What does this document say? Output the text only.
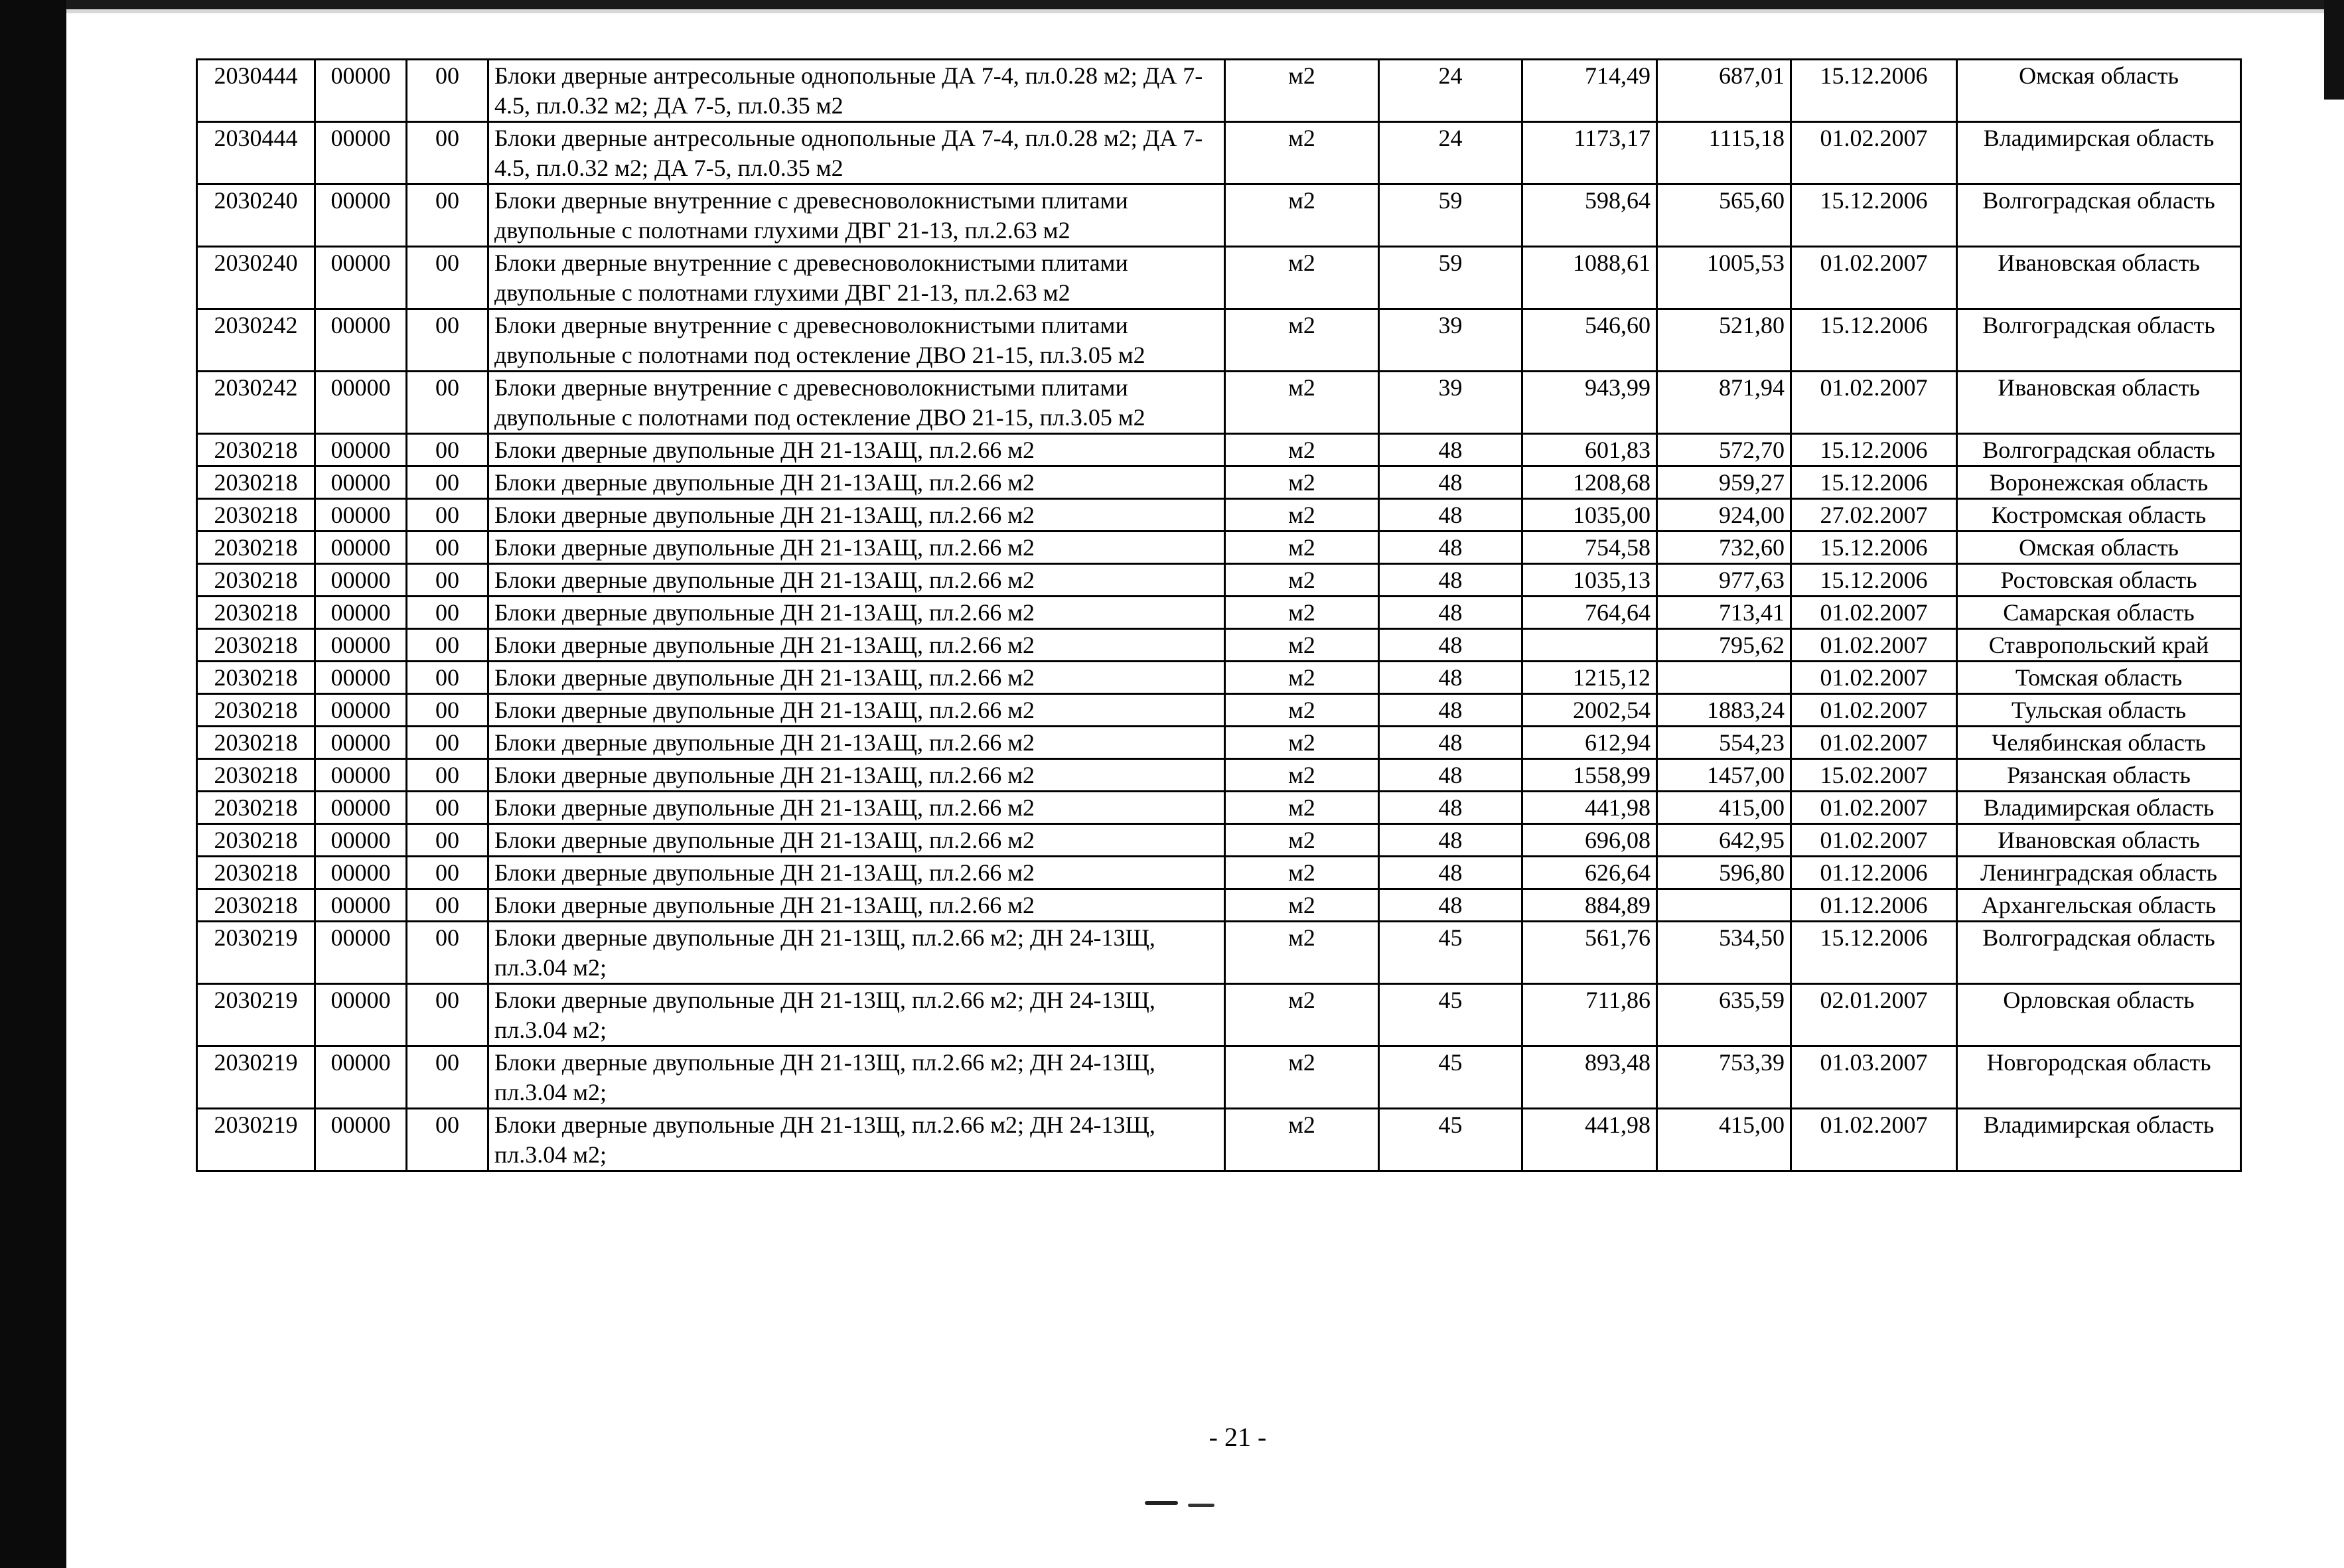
2030444	00000	00	Блоки дверные антресольные однопольные ДА 7-4, пл.0.28 м2; ДА 7-4.5, пл.0.32 м2; ДА 7-5, пл.0.35 м2	м2	24	714,49	687,01	15.12.2006	Омская область
2030444	00000	00	Блоки дверные антресольные однопольные ДА 7-4, пл.0.28 м2; ДА 7-4.5, пл.0.32 м2; ДА 7-5, пл.0.35 м2	м2	24	1173,17	1115,18	01.02.2007	Владимирская область
2030240	00000	00	Блоки дверные внутренние с древесноволокнистыми плитами двупольные с полотнами глухими ДВГ 21-13, пл.2.63 м2	м2	59	598,64	565,60	15.12.2006	Волгоградская область
2030240	00000	00	Блоки дверные внутренние с древесноволокнистыми плитами двупольные с полотнами глухими ДВГ 21-13, пл.2.63 м2	м2	59	1088,61	1005,53	01.02.2007	Ивановская область
2030242	00000	00	Блоки дверные внутренние с древесноволокнистыми плитами двупольные с полотнами под остекление ДВО 21-15, пл.3.05 м2	м2	39	546,60	521,80	15.12.2006	Волгоградская область
2030242	00000	00	Блоки дверные внутренние с древесноволокнистыми плитами двупольные с полотнами под остекление ДВО 21-15, пл.3.05 м2	м2	39	943,99	871,94	01.02.2007	Ивановская область
2030218	00000	00	Блоки дверные двупольные ДН 21-13АЩ, пл.2.66 м2	м2	48	601,83	572,70	15.12.2006	Волгоградская область
2030218	00000	00	Блоки дверные двупольные ДН 21-13АЩ, пл.2.66 м2	м2	48	1208,68	959,27	15.12.2006	Воронежская область
2030218	00000	00	Блоки дверные двупольные ДН 21-13АЩ, пл.2.66 м2	м2	48	1035,00	924,00	27.02.2007	Костромская область
2030218	00000	00	Блоки дверные двупольные ДН 21-13АЩ, пл.2.66 м2	м2	48	754,58	732,60	15.12.2006	Омская область
2030218	00000	00	Блоки дверные двупольные ДН 21-13АЩ, пл.2.66 м2	м2	48	1035,13	977,63	15.12.2006	Ростовская область
2030218	00000	00	Блоки дверные двупольные ДН 21-13АЩ, пл.2.66 м2	м2	48	764,64	713,41	01.02.2007	Самарская область
2030218	00000	00	Блоки дверные двупольные ДН 21-13АЩ, пл.2.66 м2	м2	48		795,62	01.02.2007	Ставропольский край
2030218	00000	00	Блоки дверные двупольные ДН 21-13АЩ, пл.2.66 м2	м2	48	1215,12		01.02.2007	Томская область
2030218	00000	00	Блоки дверные двупольные ДН 21-13АЩ, пл.2.66 м2	м2	48	2002,54	1883,24	01.02.2007	Тульская область
2030218	00000	00	Блоки дверные двупольные ДН 21-13АЩ, пл.2.66 м2	м2	48	612,94	554,23	01.02.2007	Челябинская область
2030218	00000	00	Блоки дверные двупольные ДН 21-13АЩ, пл.2.66 м2	м2	48	1558,99	1457,00	15.02.2007	Рязанская область
2030218	00000	00	Блоки дверные двупольные ДН 21-13АЩ, пл.2.66 м2	м2	48	441,98	415,00	01.02.2007	Владимирская область
2030218	00000	00	Блоки дверные двупольные ДН 21-13АЩ, пл.2.66 м2	м2	48	696,08	642,95	01.02.2007	Ивановская область
2030218	00000	00	Блоки дверные двупольные ДН 21-13АЩ, пл.2.66 м2	м2	48	626,64	596,80	01.12.2006	Ленинградская область
2030218	00000	00	Блоки дверные двупольные ДН 21-13АЩ, пл.2.66 м2	м2	48	884,89		01.12.2006	Архангельская область
2030219	00000	00	Блоки дверные двупольные ДН 21-13Щ, пл.2.66 м2; ДН 24-13Щ, пл.3.04 м2;	м2	45	561,76	534,50	15.12.2006	Волгоградская область
2030219	00000	00	Блоки дверные двупольные ДН 21-13Щ, пл.2.66 м2; ДН 24-13Щ, пл.3.04 м2;	м2	45	711,86	635,59	02.01.2007	Орловская область
2030219	00000	00	Блоки дверные двупольные ДН 21-13Щ, пл.2.66 м2; ДН 24-13Щ, пл.3.04 м2;	м2	45	893,48	753,39	01.03.2007	Новгородская область
2030219	00000	00	Блоки дверные двупольные ДН 21-13Щ, пл.2.66 м2; ДН 24-13Щ, пл.3.04 м2;	м2	45	441,98	415,00	01.02.2007	Владимирская область
- 21 -
